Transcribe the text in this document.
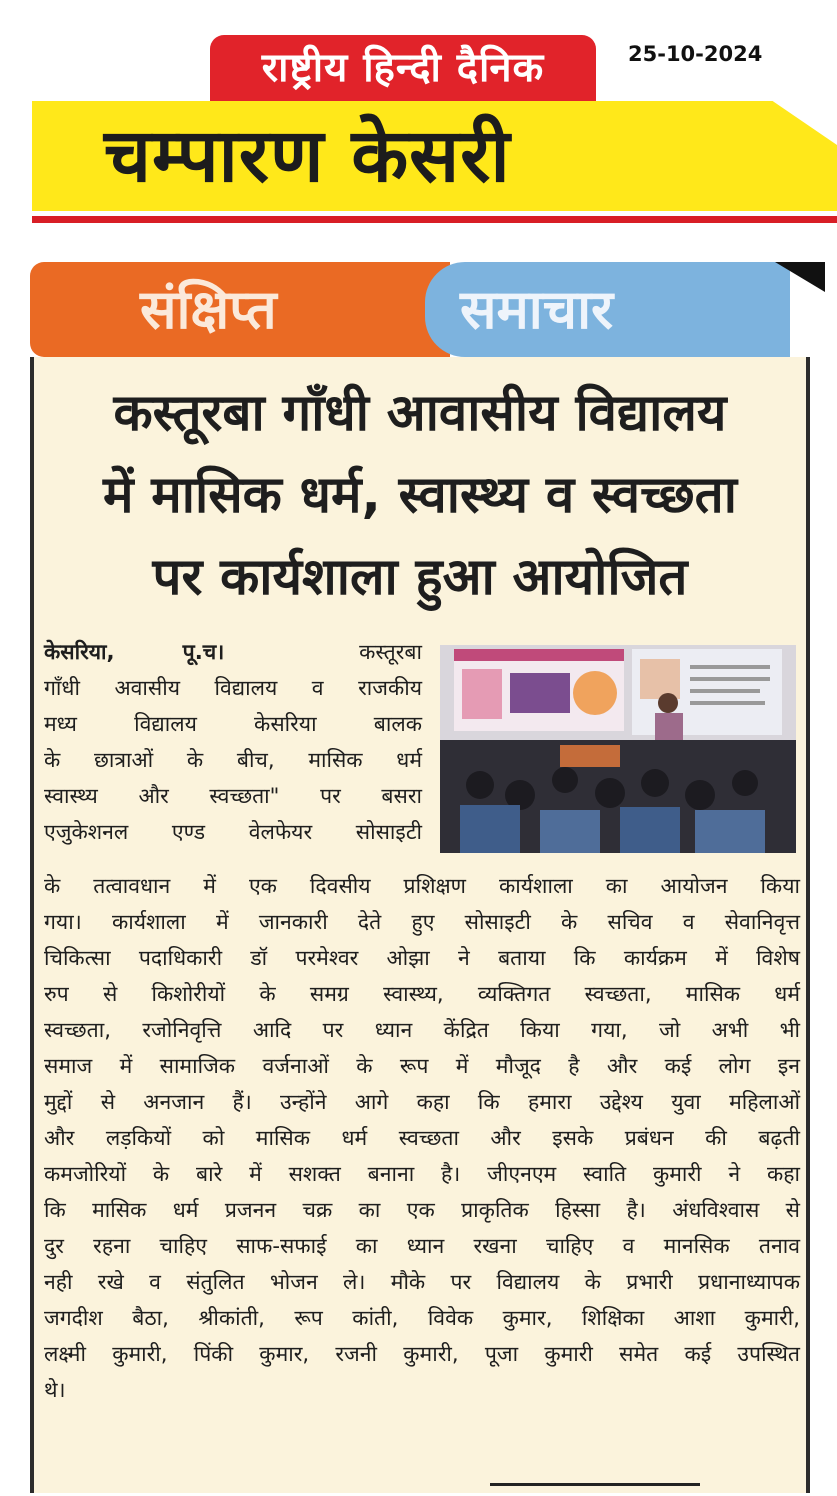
राष्ट्रीय हिन्दी दैनिक	25-10-2024
चम्पारण केसरी
संक्षिप्त	समाचार
कस्तूरबा गाँधी आवासीय विद्यालय
में मासिक धर्म, स्वास्थ्य व स्वच्छता
पर कार्यशाला हुआ आयोजित
केसरिया, पू.च।	कस्तूरबा
गाँधी अवासीय विद्यालय व राजकीय
मध्य विद्यालय केसरिया बालक
के छात्राओं के बीच, मासिक धर्म
स्वास्थ्य और स्वच्छता" पर बसरा
एजुकेशनल एण्ड वेलफेयर सोसाइटी
के तत्वावधान में एक दिवसीय प्रशिक्षण कार्यशाला का आयोजन किया
गया। कार्यशाला में जानकारी देते हुए सोसाइटी के सचिव व सेवानिवृत्त
चिकित्सा पदाधिकारी डॉ परमेश्वर ओझा ने बताया कि कार्यक्रम में विशेष
रुप से किशोरीयों के समग्र स्वास्थ्य, व्यक्तिगत स्वच्छता, मासिक धर्म
स्वच्छता, रजोनिवृत्ति आदि पर ध्यान केंद्रित किया गया, जो अभी भी
समाज में सामाजिक वर्जनाओं के रूप में मौजूद है और कई लोग इन
मुद्दों से अनजान हैं। उन्होंने आगे कहा कि हमारा उद्देश्य युवा महिलाओं
और लड़कियों को मासिक धर्म स्वच्छता और इसके प्रबंधन की बढ़ती
कमजोरियों के बारे में सशक्त बनाना है। जीएनएम स्वाति कुमारी ने कहा
कि मासिक धर्म प्रजनन चक्र का एक प्राकृतिक हिस्सा है। अंधविश्वास से
दुर रहना चाहिए साफ-सफाई का ध्यान रखना चाहिए व मानसिक तनाव
नही रखे व संतुलित भोजन ले। मौके पर विद्यालय के प्रभारी प्रधानाध्यापक
जगदीश बैठा, श्रीकांती, रूप कांती, विवेक कुमार, शिक्षिका आशा कुमारी,
लक्ष्मी कुमारी, पिंकी कुमार, रजनी कुमारी, पूजा कुमारी समेत कई उपस्थित
थे।
